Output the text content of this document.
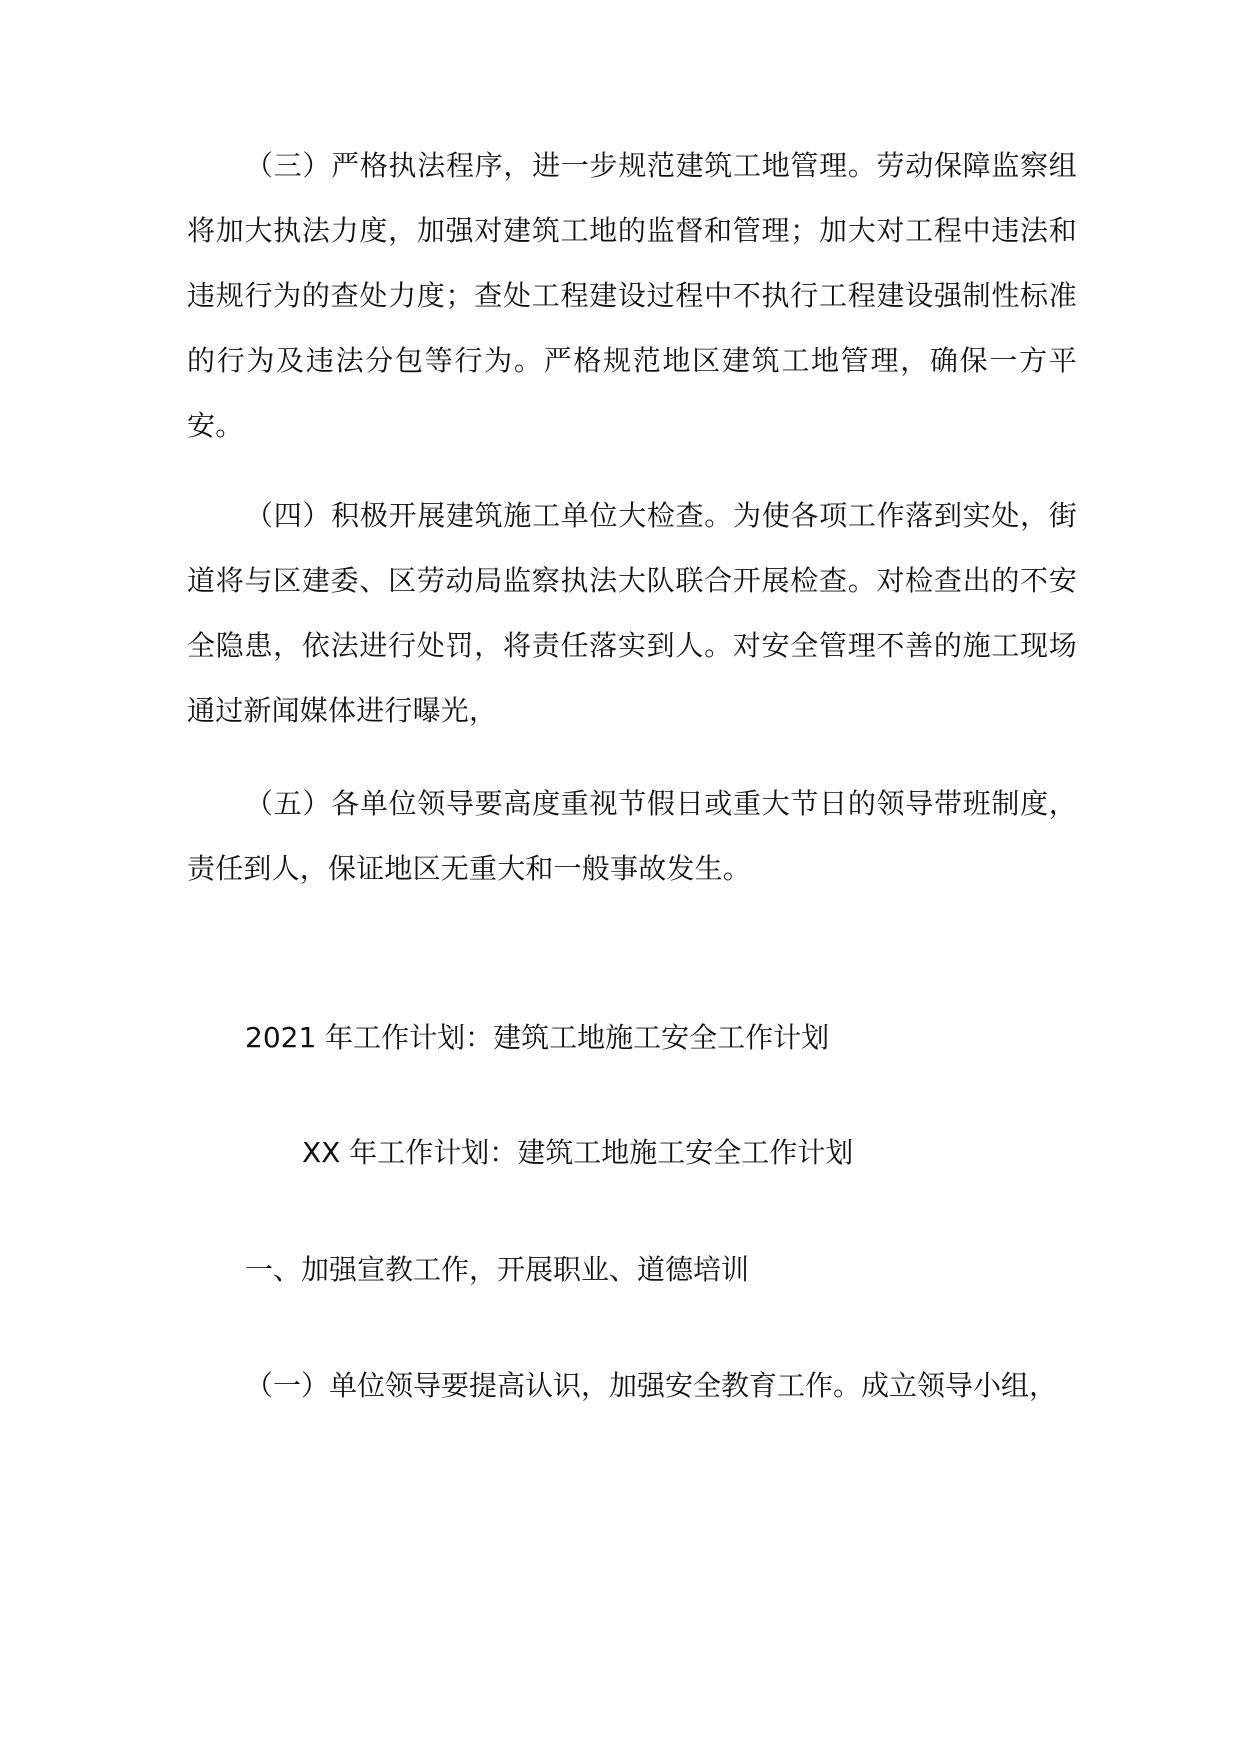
（三）严格执法程序，进一步规范建筑工地管理。劳动保障监察组将加大执法力度，加强对建筑工地的监督和管理；加大对工程中违法和违规行为的查处力度；查处工程建设过程中不执行工程建设强制性标准的行为及违法分包等行为。严格规范地区建筑工地管理，确保一方平安。

（四）积极开展建筑施工单位大检查。为使各项工作落到实处，街道将与区建委、区劳动局监察执法大队联合开展检查。对检查出的不安全隐患，依法进行处罚，将责任落实到人。对安全管理不善的施工现场通过新闻媒体进行曝光，

（五）各单位领导要高度重视节假日或重大节日的领导带班制度，责任到人，保证地区无重大和一般事故发生。

2021 年工作计划：建筑工地施工安全工作计划

XX 年工作计划：建筑工地施工安全工作计划

一、加强宣教工作，开展职业、道德培训

（一）单位领导要提高认识，加强安全教育工作。成立领导小组，
